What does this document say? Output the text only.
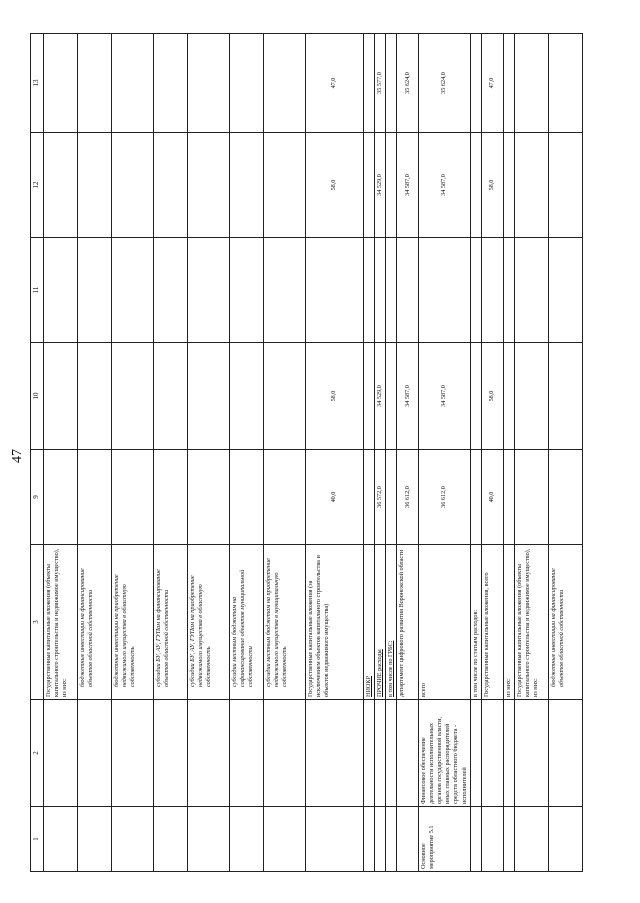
47
1	2	3	9	10	11	12	13
		Государственные капитальные вложения (объекты капитального строительства и недвижимое имущество), из них:					
		бюджетные инвестиции на финансирование объектов областной собственности					
		бюджетные инвестиции на приобретение недвижимого имущества в областную собственность					
		субсидии БУ, АУ, ГУПам на финансирование объектов областной собственности					
		субсидии БУ, АУ, ГУПам на приобретение недвижимого имущества в областную собственность					
		субсидии местным бюджетам на софинансирование объектов муниципальной собственности					
		субсидии местным бюджетам на приобретение недвижимого имущества в муниципальную собственность					
		Государственные капитальные вложения (за исключением объектов капитального строительства и объектов недвижимого имущества)	40,0	58,0		58,0	47,0
		НИОКР					
		ПРОЧИЕ расходы	36 572,0	34 529,0		34 529,0	35 577,0
		в том числе по ГРБС:					
		департамент цифрового развития Воронежской области	36 612,0	34 587,0		34 587,0	35 624,0
Основное мероприятие 5.1	Финансовое обеспечение деятельности исполнительных органов государственной власти, иных главных распорядителей средств областного бюджета - исполнителей	всего	36 612,0	34 587,0		34 587,0	35 624,0
		в том числе по статьям расходов:					
		Государственные капитальные вложения, всего	40,0	58,0		58,0	47,0
		из них:					
		Государственные капитальные вложения (объекты капитального строительства и недвижимое имущество), из них:					
		бюджетные инвестиции на финансирование объектов областной собственности					
